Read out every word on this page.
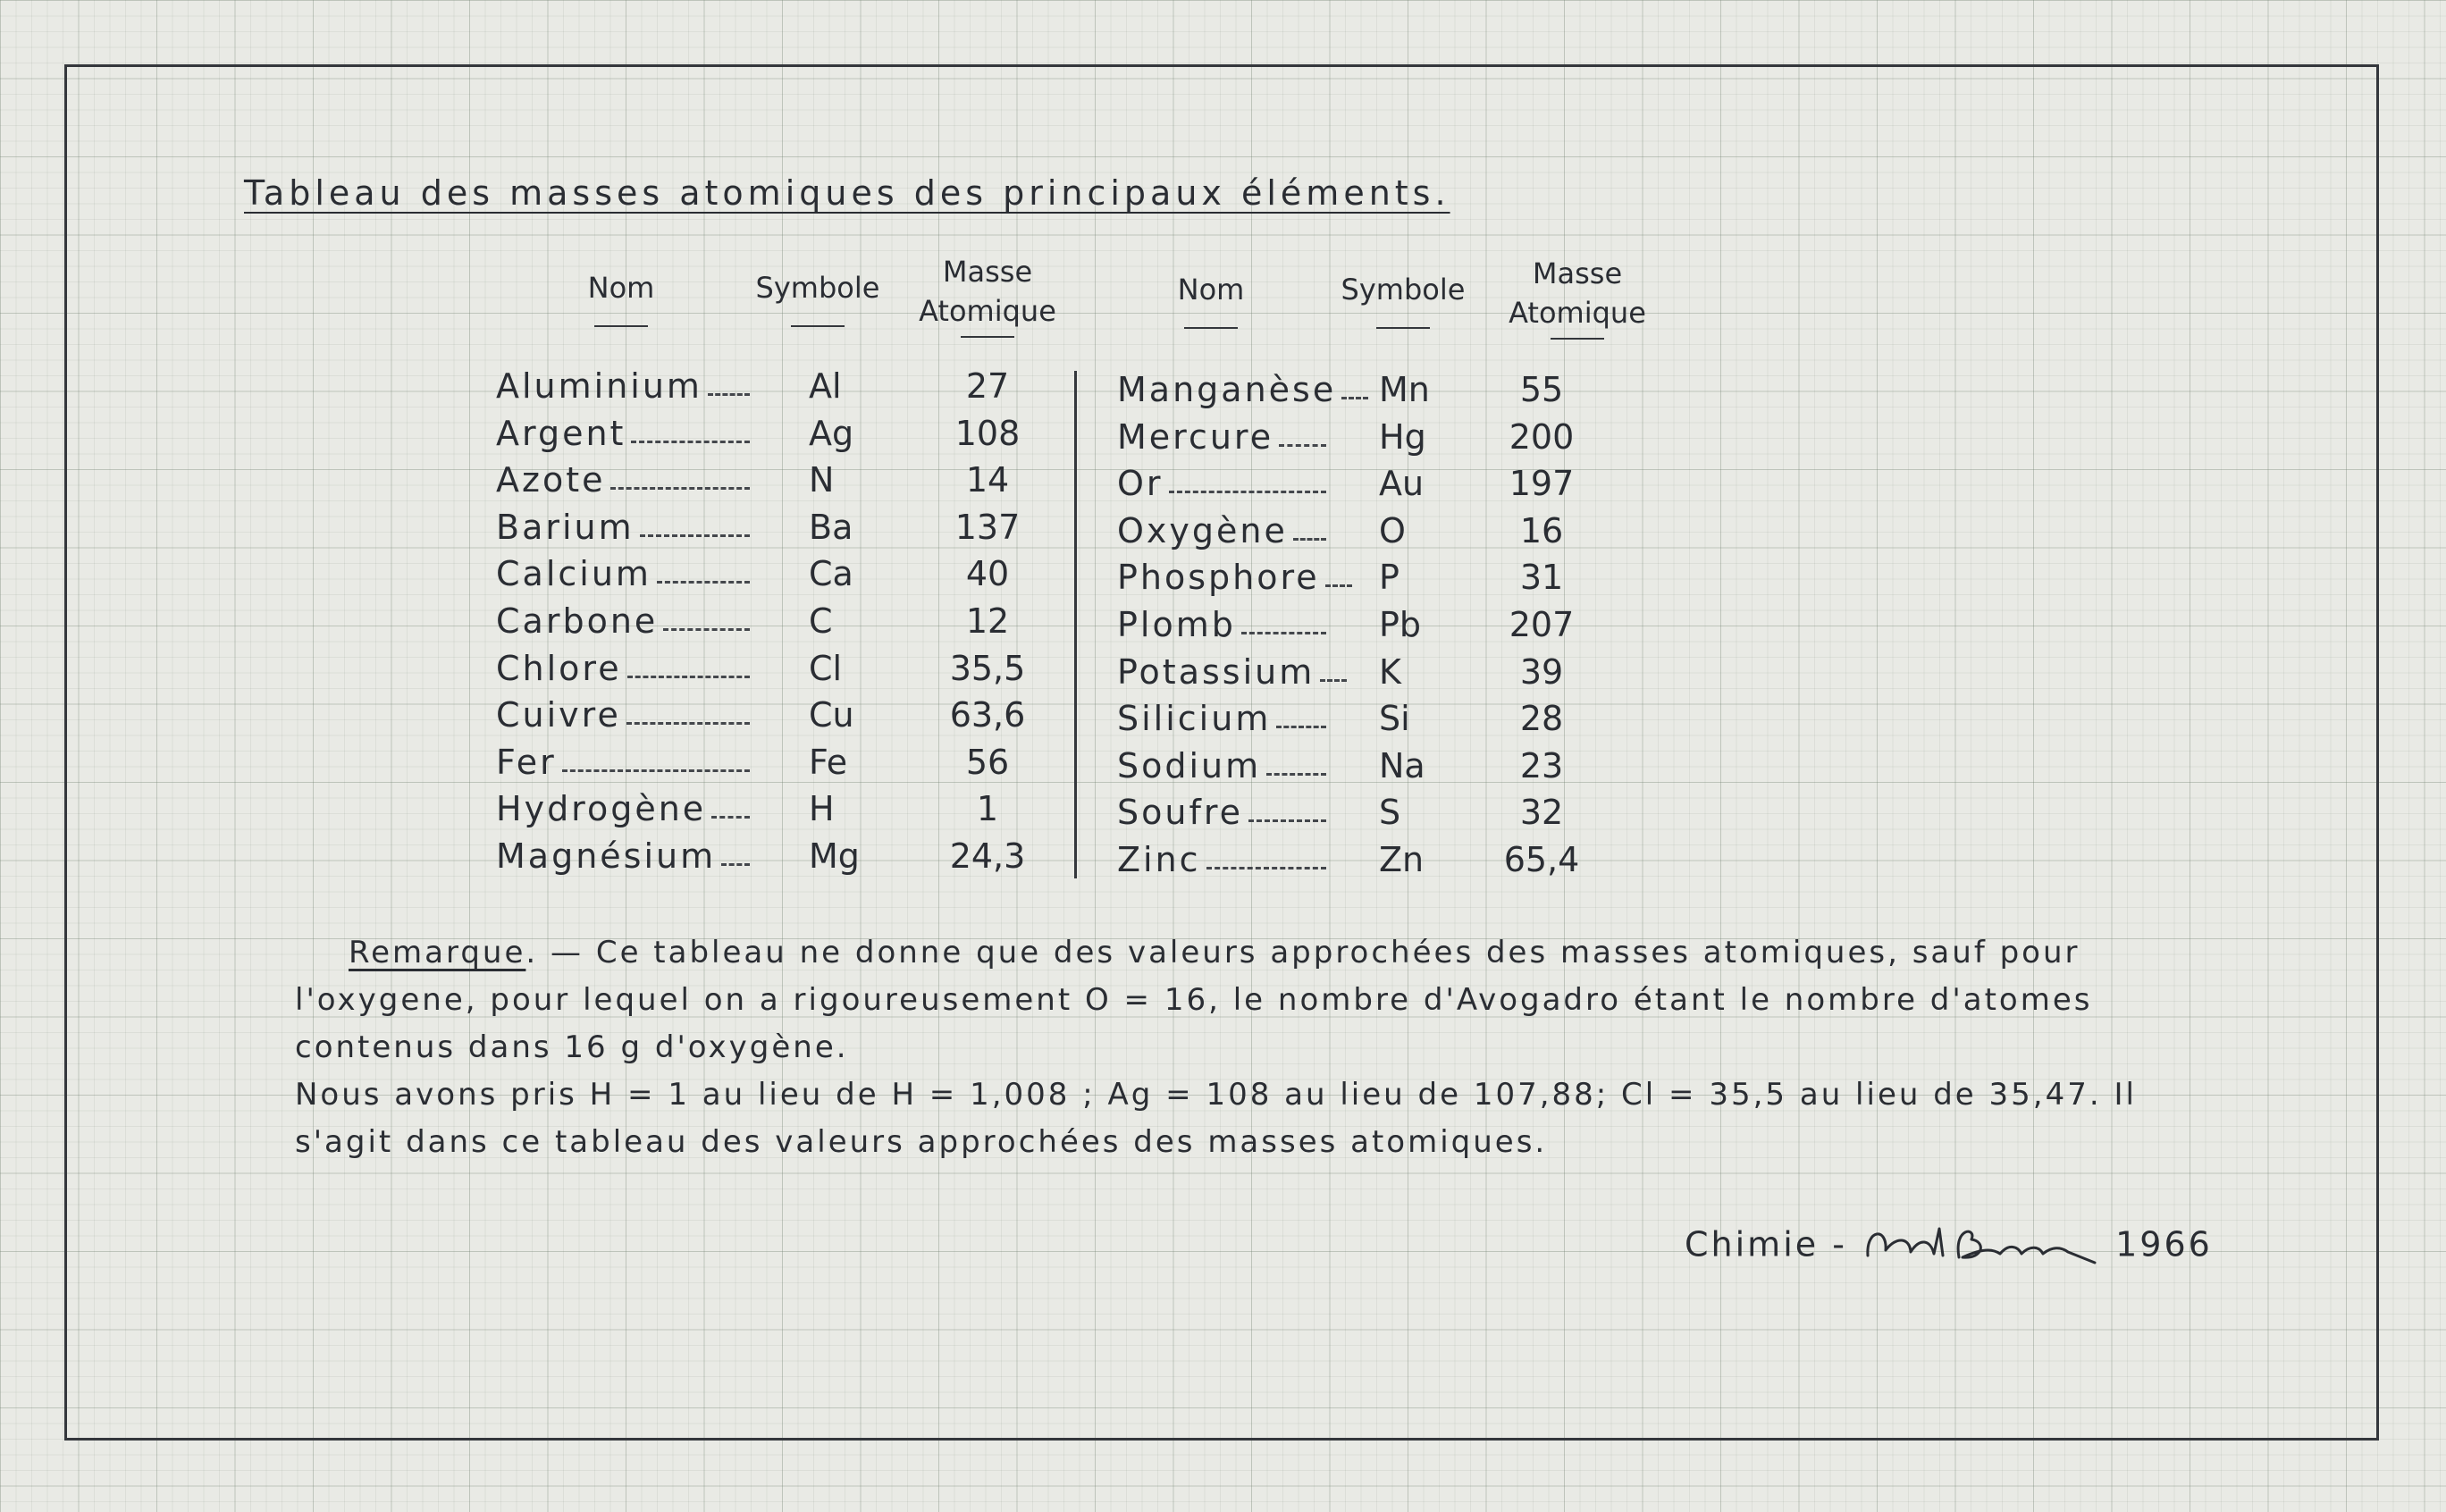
Tableau des masses atomiques des principaux éléments.
Nom	Symbole	Masse
Atomique
Nom	Symbole	Masse
Atomique
Aluminium	Al	27
Argent	Ag	108
Azote	N	14
Barium	Ba	137
Calcium	Ca	40
Carbone	C	12
Chlore	Cl	35,5
Cuivre	Cu	63,6
Fer	Fe	56
Hydrogène	H	1
Magnésium	Mg	24,3
Manganèse	Mn	55
Mercure	Hg	200
Or	Au	197
Oxygène	O	16
Phosphore	P	31
Plomb	Pb	207
Potassium	K	39
Silicium	Si	28
Sodium	Na	23
Soufre	S	32
Zinc	Zn	65,4

Remarque. — Ce tableau ne donne que des valeurs approchées des masses atomiques, sauf pour l'oxygene, pour lequel on a rigoureusement O = 16, le nombre d'Avogadro étant le nombre d'atomes contenus dans 16 g d'oxygène.

Nous avons pris H = 1 au lieu de H = 1,008 ; Ag = 108 au lieu de 107,88; Cl = 35,5 au lieu de 35,47. Il s'agit dans ce tableau des valeurs approchées des masses atomiques.

Chimie -	1966
